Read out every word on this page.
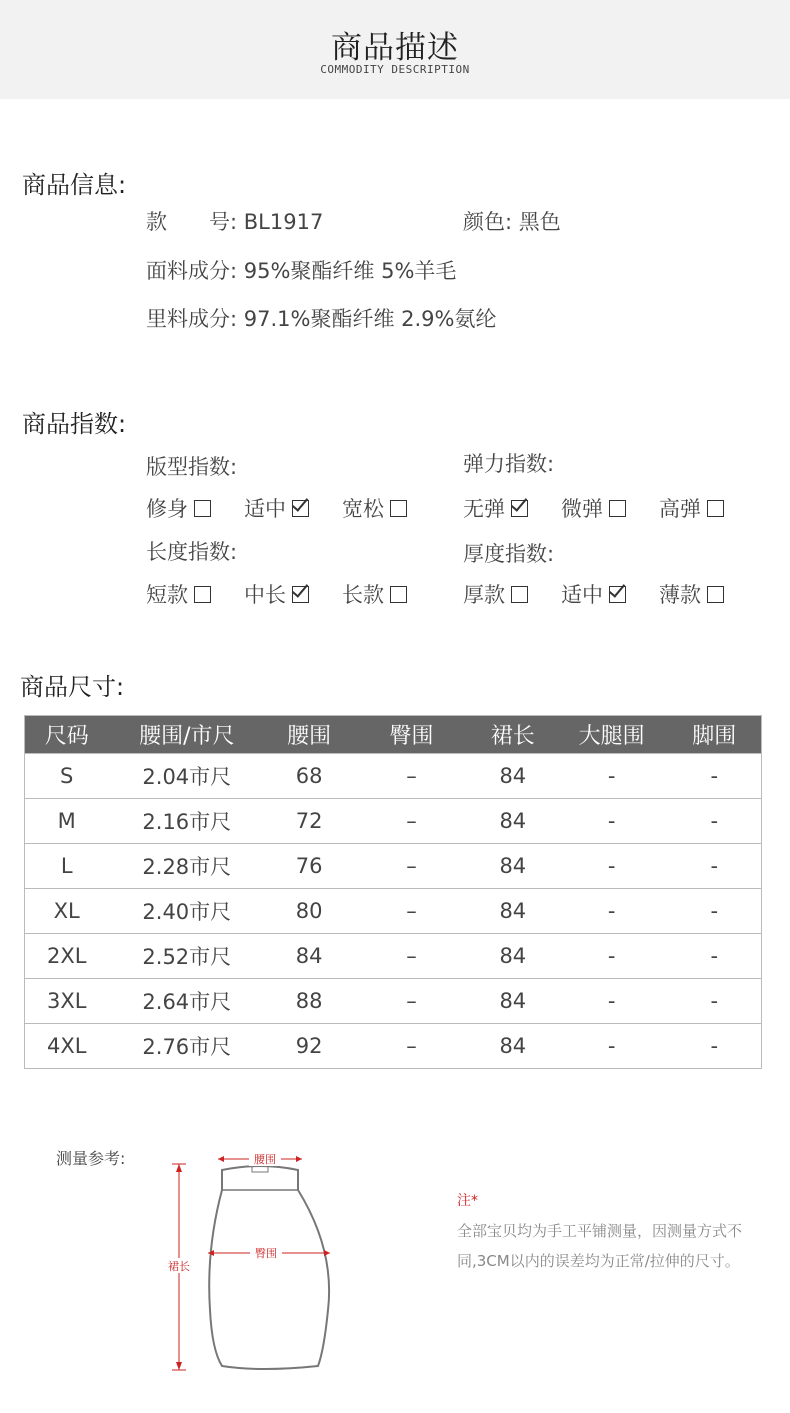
商品描述
COMMODITY DESCRIPTION
商品信息:
款　　号: BL1917	颜色: 黑色
面料成分: 95%聚酯纤维 5%羊毛
里料成分: 97.1%聚酯纤维 2.9%氨纶
商品指数:
版型指数:	弹力指数:
修身	适中	宽松	无弹	微弹	高弹
长度指数:	厚度指数:
短款	中长	长款	厚款	适中	薄款
商品尺寸:
尺码	腰围/市尺	腰围	臀围	裙长	大腿围	脚围
S	2.04市尺	68	–	84	-	-
M	2.16市尺	72	–	84	-	-
L	2.28市尺	76	–	84	-	-
XL	2.40市尺	80	–	84	-	-
2XL	2.52市尺	84	–	84	-	-
3XL	2.64市尺	88	–	84	-	-
4XL	2.76市尺	92	–	84	-	-
测量参考:	腰围
臀围
裙长
注*
全部宝贝均为手工平铺测量，因测量方式不同,3CM以内的误差均为正常/拉伸的尺寸。
